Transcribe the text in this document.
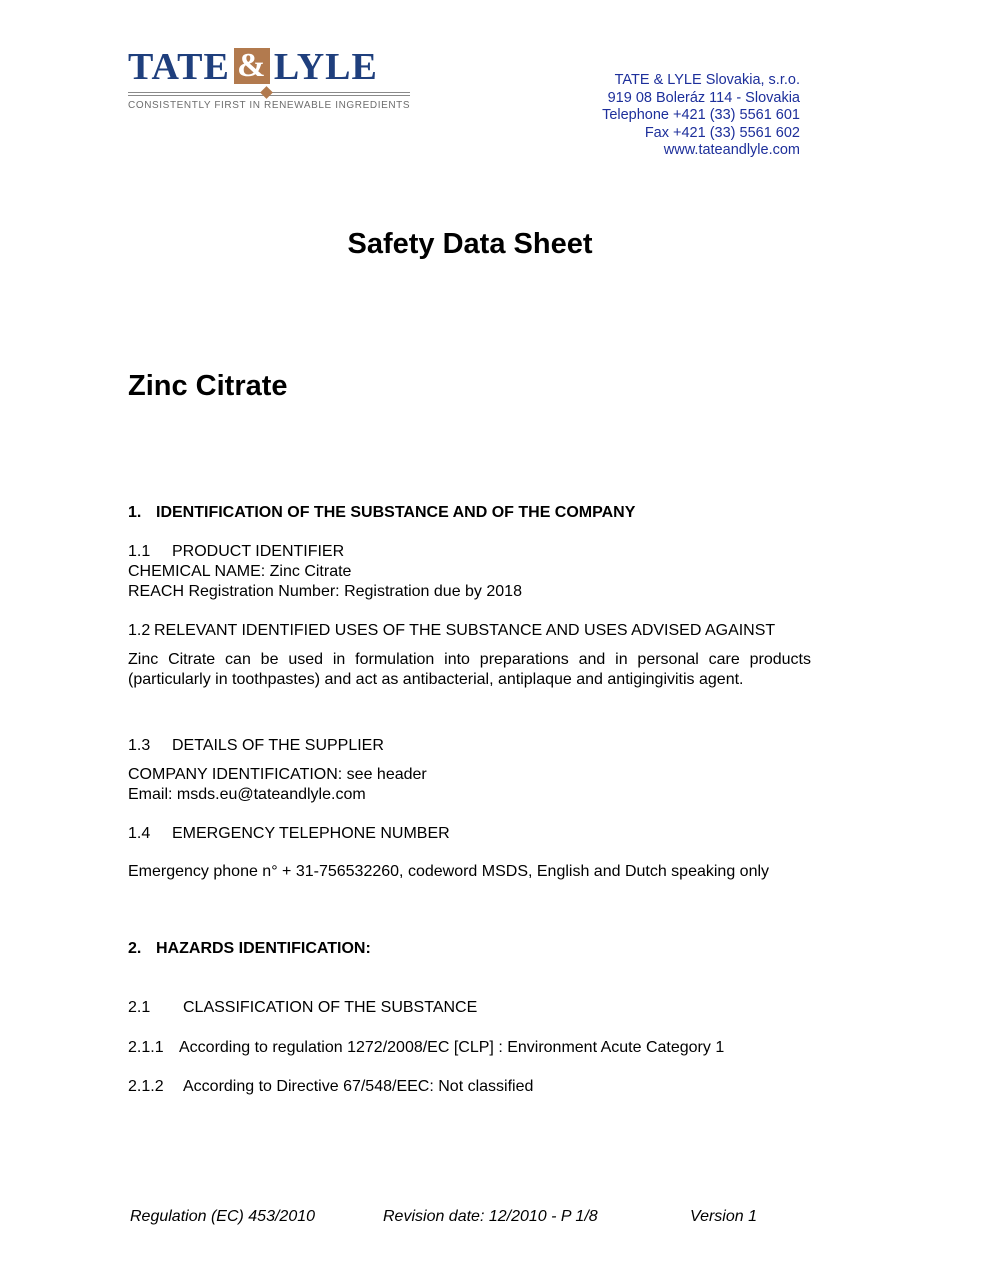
TATE & LYLE
CONSISTENTLY FIRST IN RENEWABLE INGREDIENTS
TATE & LYLE Slovakia, s.r.o.
919 08 Boleráz 114 - Slovakia
Telephone +421 (33) 5561 601
Fax +421 (33) 5561 602
www.tateandlyle.com
Safety Data Sheet
Zinc Citrate
1. IDENTIFICATION OF THE SUBSTANCE AND OF THE COMPANY
1.1 PRODUCT IDENTIFIER
CHEMICAL NAME: Zinc Citrate
REACH Registration Number: Registration due by 2018
1.2 RELEVANT IDENTIFIED USES OF THE SUBSTANCE AND USES ADVISED AGAINST
Zinc Citrate can be used in formulation into preparations and in personal care products (particularly in toothpastes) and act as antibacterial, antiplaque and antigingivitis agent.
1.3 DETAILS OF THE SUPPLIER
COMPANY IDENTIFICATION: see header
Email: msds.eu@tateandlyle.com
1.4 EMERGENCY TELEPHONE NUMBER
Emergency phone n° + 31-756532260, codeword MSDS, English and Dutch speaking only
2. HAZARDS IDENTIFICATION:
2.1 CLASSIFICATION OF THE SUBSTANCE
2.1.1 According to regulation 1272/2008/EC [CLP] : Environment Acute Category 1
2.1.2 According to Directive 67/548/EEC: Not classified
Regulation (EC) 453/2010	Revision date: 12/2010 - P 1/8	Version 1
